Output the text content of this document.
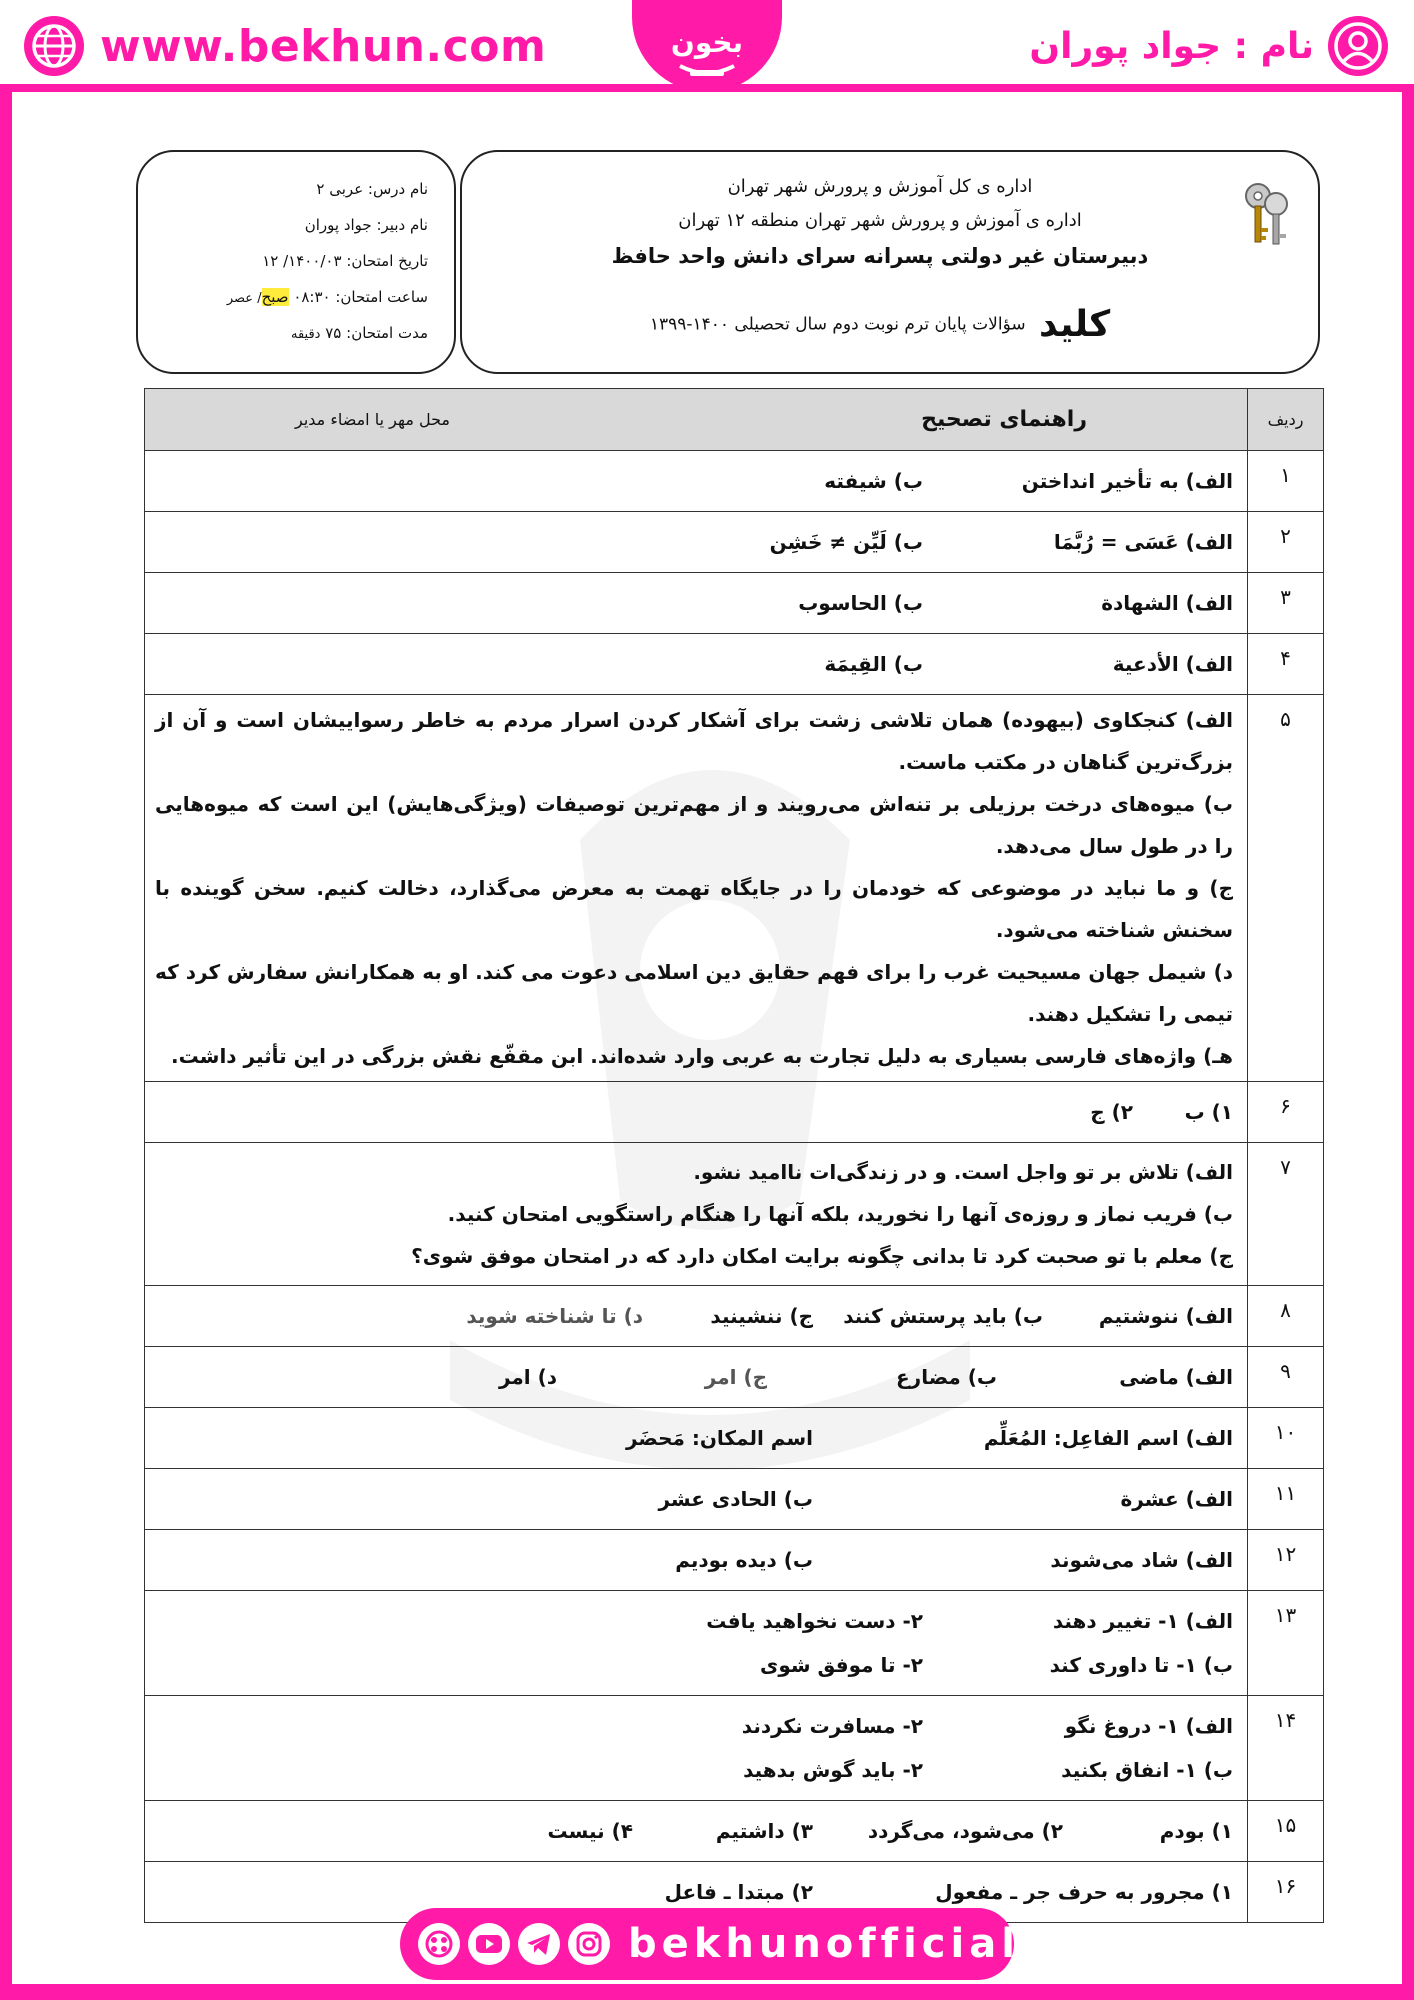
www.bekhun.com	نام : جواد پوران
بخون
اداره ی کل آموزش و پرورش شهر تهران
اداره ی آموزش و پرورش شهر تهران منطقه ۱۲ تهران
دبیرستان غیر دولتی پسرانه سرای دانش واحد حافظ
کلید سؤالات پایان ترم نوبت دوم سال تحصیلی ۱۴۰۰-۱۳۹۹
نام درس: عربی ۲
نام دبیر: جواد پوران
تاریخ امتحان: ۱۴۰۰/۰۳/ ۱۲
ساعت امتحان: ۰۸:۳۰ صبح/ عصر
مدت امتحان: ۷۵ دقیقه
ردیف	راهنمای تصحیح
محل مهر یا امضاء مدیر

۱	الف) به تأخیر انداختن
ب) شیفته

۲	الف) عَسَی = رُبَّمَا
ب) لَیِّن ≠ خَشِن

۳	الف) الشهادة
ب) الحاسوب

۴	الف) الأدعیة
ب) القِیمَة

۵	الف) کنجکاوی (بیهوده) همان تلاشی زشت برای آشکار کردن اسرار مردم به خاطر رسواییشان است و آن از بزرگ‌ترین گناهان در مکتب ماست.
ب) میوه‌های درخت برزیلی بر تنه‌اش می‌رویند و از مهم‌ترین توصیفات (ویژگی‌هایش) این است که میوه‌هایی را در طول سال می‌دهد.
ج) و ما نباید در موضوعی که خودمان را در جایگاه تهمت به معرض می‌گذارد، دخالت کنیم. سخن گوینده با سخنش شناخته می‌شود.
د) شیمل جهان مسیحیت غرب را برای فهم حقایق دین اسلامی دعوت می کند. او به همکارانش سفارش کرد که تیمی را تشکیل دهند.
هـ) واژه‌های فارسی بسیاری به دلیل تجارت به عربی وارد شده‌اند. ابن مقفّع نقش بزرگی در این تأثیر داشت.

۶	۱) ب
۲) ج

۷	الف) تلاش بر تو واجل است. و در زندگی‌ات ناامید نشو.
ب) فریب نماز و روزه‌ی آنها را نخورید، بلکه آنها را هنگام راستگویی امتحان کنید.
ج) معلم با تو صحبت کرد تا بدانی چگونه برایت امکان دارد که در امتحان موفق شوی؟

۸	الف) ننوشتیم
ب) باید پرستش کنند
ج) ننشینید
د) تا شناخته شوید

۹	الف) ماضی
ب) مضارع
ج) امر
د) امر

۱۰	الف) اسم الفاعِل: المُعَلِّم
اسم المکان: مَحضَر

۱۱	الف) عشرة
ب) الحادی عشر

۱۲	الف) شاد می‌شوند
ب) دیده بودیم

۱۳	الف) ۱- تغییر دهند
۲- دست نخواهید یافت
ب) ۱- تا داوری کند
۲- تا موفق شوی

۱۴	الف) ۱- دروغ نگو
۲- مسافرت نکردند
ب) ۱- انفاق بکنید
۲- باید گوش بدهید

۱۵	۱) بودم
۲) می‌شود، می‌گردد
۳) داشتیم
۴) نیست

۱۶	۱) مجرور به حرف جر ـ مفعول
۲) مبتدا ـ فاعل
bekhunofficial
